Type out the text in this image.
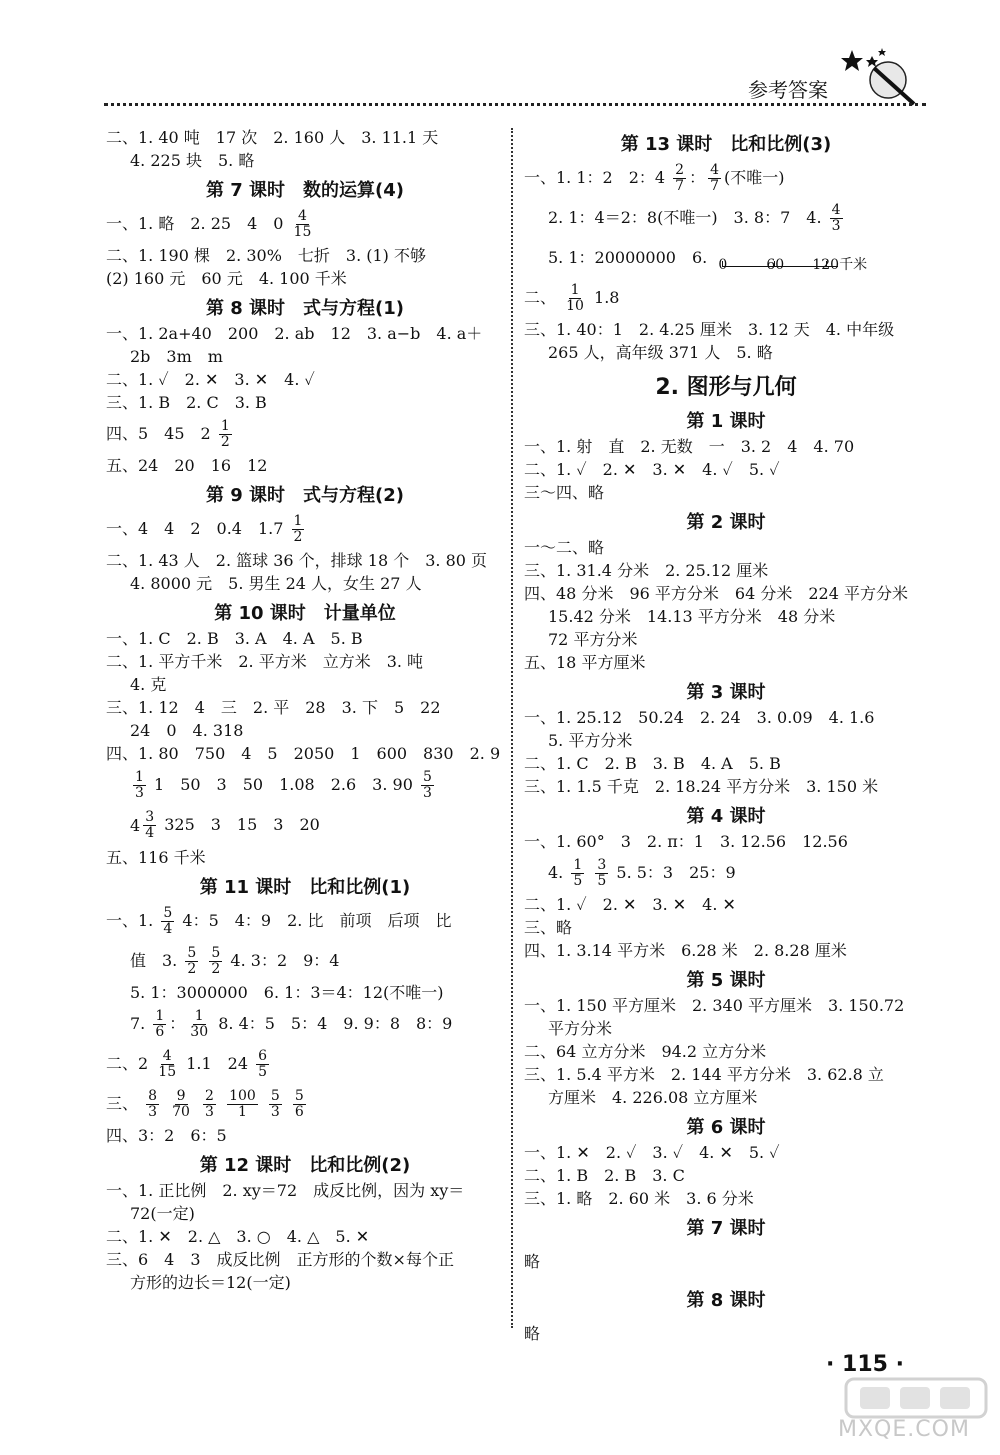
参考答案
二、1. 40 吨　17 次　2. 160 人　3. 11.1 天
4. 225 块　5. 略
第 7 课时　数的运算(4)
一、1. 略　2. 25　4　$0 \frac{4}{15}$
二、1. 190 棵　2. 30%　七折　3. (1) 不够
(2) 160 元　60 元　4. 100 千米
第 8 课时　式与方程(1)
一、1. 2a+40　200　2. ab　12　3. a−b　4. a＋
2b　3m　m
二、1. ✓　2. ✕　3. ✕　4. ✓
三、1. B　2. C　3. B
四、5　45　$2 \frac{1}{2}$
五、24　20　16　12
第 9 课时　式与方程(2)
一、4　4　2　0.4　$1.7 \frac{1}{2}$
二、1. 43 人　2. 篮球 36 个，排球 18 个　3. 80 页
4. 8000 元　5. 男生 24 人，女生 27 人
第 10 课时　计量单位
一、1. C　2. B　3. A　4. A　5. B
二、1. 平方千米　2. 平方米　立方米　3. 吨
4. 克
三、1. 12　4　三　2. 平　28　3. 下　5　22
24　0　4. 318
四、1. 80　750　4　5　2050　1　600　830　2. 9
$\frac{1}{3} 1$　50　3　50　1.08　2.6　3. $90 \frac{5}{3}$
$4 \frac{3}{4} 325$　3　15　3　20
五、116 千米
第 11 课时　比和比例(1)
一、1. $\frac{5}{4} 4$：5　4：9　2. 比　前项　后项　比
值　3. $\frac{5}{2}$
$\frac{5}{2} 4$. 3：2　9：4
5. 1：3000000　6. 1：3＝4：12(不唯一)
7. $\frac{1}{6}$ ： $\frac{1}{30} 8$. 4：5　5：4　9. 9：8　8：9
二、$2 \frac{4}{15} 1.1$　$24 \frac{6}{5}$
三、 $\frac{8}{3}$
$\frac{9}{70}$
$\frac{2}{3}$
$\frac{100}{1}$
$\frac{5}{3}$
$\frac{5}{6}$
四、3：2　6：5
第 12 课时　比和比例(2)
一、1. 正比例　2. xy＝72　成反比例，因为 xy＝
72(一定)
二、1. ✕　2. △　3. ○　4. △　5. ✕
三、6　4　3　成反比例　正方形的个数×每个正
方形的边长＝12(一定)
第 13 课时　比和比例(3)
一、1. 1：2　2：$4 \frac{2}{7}$ ： $\frac{4}{7}$ (不唯一)
2. 1：4＝2：8(不唯一)　3. 8：7　4. $\frac{4}{3}$
5. 1：20000000　6. 0	60 120千米
二、 $\frac{1}{10} 1.8$
三、1. 40：1　2. 4.25 厘米　3. 12 天　4. 中年级
265 人，高年级 371 人　5. 略
2. 图形与几何
第 1 课时
一、1. 射　直　2. 无数　一　3. 2　4　4. 70
二、1. ✓　2. ✕　3. ✕　4. ✓　5. ✓
三～四、略
第 2 课时
一～二、略
三、1. 31.4 分米　2. 25.12 厘米
四、48 分米　96 平方分米　64 分米　224 平方分米
15.42 分米　14.13 平方分米　48 分米
72 平方分米
五、18 平方厘米
第 3 课时
一、1. 25.12　50.24　2. 24　3. 0.09　4. 1.6
5. 平方分米
二、1. C　2. B　3. B　4. A　5. B
三、1. 1.5 千克　2. 18.24 平方分米　3. 150 米
第 4 课时
一、1. 60°　3　2. π：1　3. 12.56　12.56
4. $\frac{1}{5}$
$\frac{3}{5} 5$. 5：3　25：9
二、1. ✓　2. ✕　3. ✕　4. ✕
三、略
四、1. 3.14 平方米　6.28 米　2. 8.28 厘米
第 5 课时
一、1. 150 平方厘米　2. 340 平方厘米　3. 150.72
平方分米
二、64 立方分米　94.2 立方分米
三、1. 5.4 平方米　2. 144 平方分米　3. 62.8 立
方厘米　4. 226.08 立方厘米
第 6 课时
一、1. ✕　2. ✓　3. ✓　4. ✕　5. ✓
二、1. B　2. B　3. C
三、1. 略　2. 60 米　3. 6 分米
第 7 课时
略
第 8 课时
略
· 115 ·
MXQE.COM
